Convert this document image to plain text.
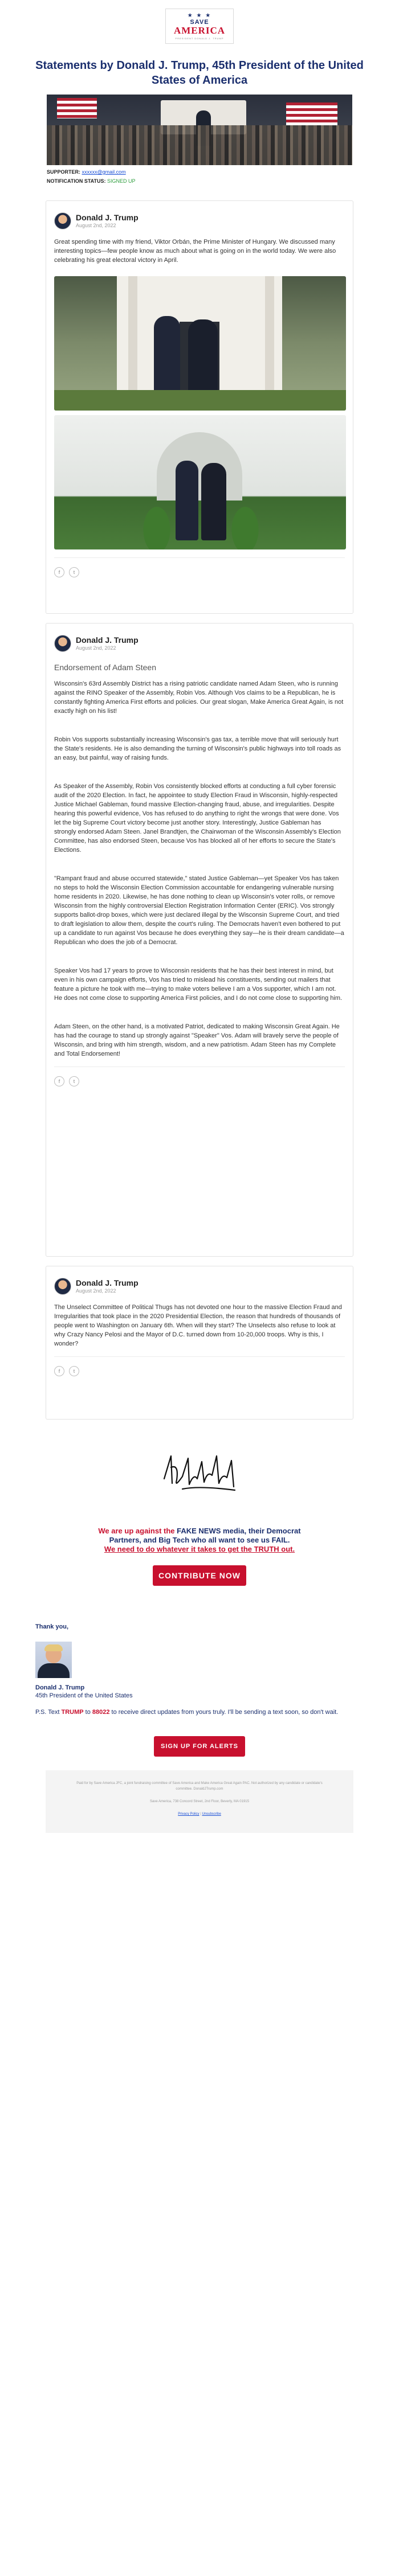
★ ★ ★
SAVE
AMERICA
PRESIDENT DONALD J. TRUMP
Statements by Donald J. Trump, 45th President of the United States of America
SUPPORTER: xxxxxx@gmail.com
NOTIFICATION STATUS: SIGNED UP
Donald J. Trump
August 2nd, 2022

Great spending time with my friend, Viktor Orbán, the Prime Minister of Hungary. We discussed many interesting topics—few people know as much about what is going on in the world today. We were also celebrating his great electoral victory in April.

f	t
Donald J. Trump
August 2nd, 2022
Endorsement of Adam Steen

Wisconsin's 63rd Assembly District has a rising patriotic candidate named Adam Steen, who is running against the RINO Speaker of the Assembly, Robin Vos. Although Vos claims to be a Republican, he is constantly fighting America First efforts and policies. Our great slogan, Make America Great Again, is not exactly high on his list!

Robin Vos supports substantially increasing Wisconsin's gas tax, a terrible move that will seriously hurt the State's residents. He is also demanding the turning of Wisconsin's public highways into toll roads as an easy, but painful, way of raising funds.

As Speaker of the Assembly, Robin Vos consistently blocked efforts at conducting a full cyber forensic audit of the 2020 Election. In fact, he appointee to study Election Fraud in Wisconsin, highly-respected Justice Michael Gableman, found massive Election-changing fraud, abuse, and irregularities. Despite hearing this powerful evidence, Vos has refused to do anything to right the wrongs that were done. Vos let the big Supreme Court victory become just another story. Interestingly, Justice Gableman has strongly endorsed Adam Steen. Janel Brandtjen, the Chairwoman of the Wisconsin Assembly's Election Committee, has also endorsed Steen, because Vos has blocked all of her efforts to secure the State's Elections.

"Rampant fraud and abuse occurred statewide," stated Justice Gableman—yet Speaker Vos has taken no steps to hold the Wisconsin Election Commission accountable for endangering vulnerable nursing home residents in 2020. Likewise, he has done nothing to clean up Wisconsin's voter rolls, or remove Wisconsin from the highly controversial Election Registration Information Center (ERIC). Vos strongly supports ballot-drop boxes, which were just declared illegal by the Wisconsin Supreme Court, and tried to draft legislation to allow them, despite the court's ruling. The Democrats haven't even bothered to put up a candidate to run against Vos because he does everything they say—he is their dream candidate—a Republican who does the job of a Democrat.

Speaker Vos had 17 years to prove to Wisconsin residents that he has their best interest in mind, but even in his own campaign efforts, Vos has tried to mislead his constituents, sending out mailers that feature a picture he took with me—trying to make voters believe I am a Vos supporter, which I am not. He does not come close to supporting America First policies, and I do not come close to supporting him.

Adam Steen, on the other hand, is a motivated Patriot, dedicated to making Wisconsin Great Again. He has had the courage to stand up strongly against "Speaker" Vos. Adam will bravely serve the people of Wisconsin, and bring with him strength, wisdom, and a new patriotism. Adam Steen has my Complete and Total Endorsement!

f	t
Donald J. Trump
August 2nd, 2022

The Unselect Committee of Political Thugs has not devoted one hour to the massive Election Fraud and Irregularities that took place in the 2020 Presidential Election, the reason that hundreds of thousands of people went to Washington on January 6th. When will they start? The Unselects also refuse to look at why Crazy Nancy Pelosi and the Mayor of D.C. turned down from 10-20,000 troops. Why is this, I wonder?

f	t
We are up against the FAKE NEWS media, their Democrat
Partners, and Big Tech who all want to see us FAIL.
We need to do whatever it takes to get the TRUTH out.
CONTRIBUTE NOW
Thank you,
Donald J. Trump
45th President of the United States
P.S. Text TRUMP to 88022 to receive direct updates from yours truly. I'll be sending a text soon, so don't wait.
SIGN UP FOR ALERTS
Paid for by Save America JFC, a joint fundraising committee of Save America and Make America Great Again PAC. Not authorized by any candidate or candidate's committee. DonaldJTrump.com
Save America, 738 Concord Street, 2nd Floor, Beverly, MA 01915
Privacy Policy | Unsubscribe
